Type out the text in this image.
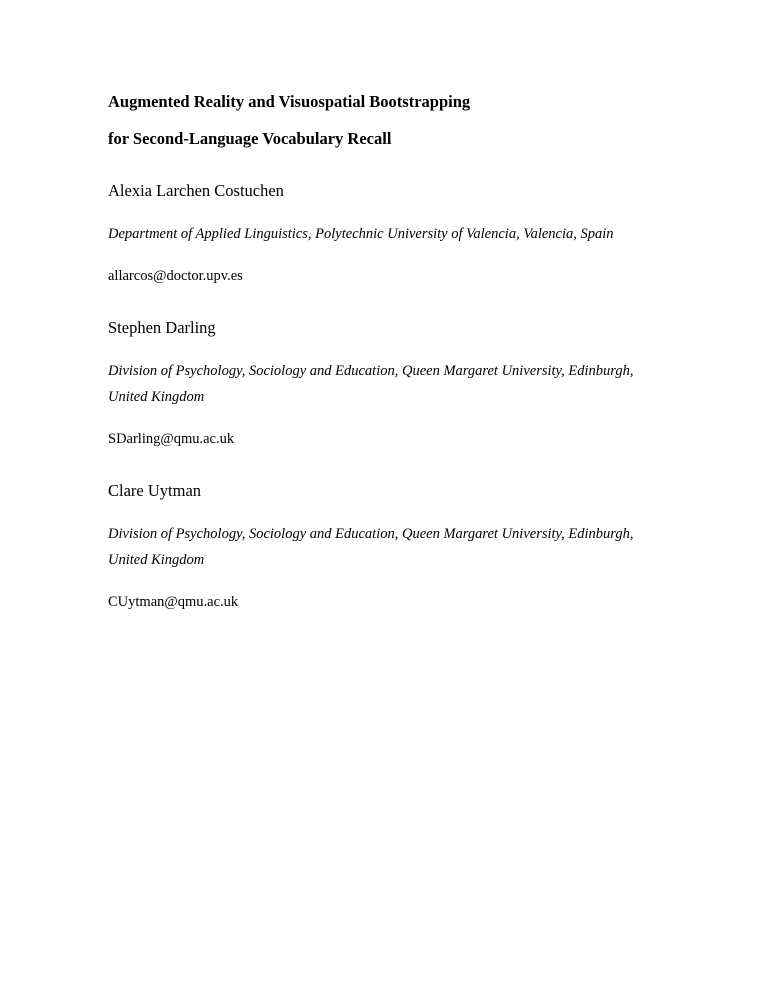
Augmented Reality and Visuospatial Bootstrapping
for Second-Language Vocabulary Recall
Alexia Larchen Costuchen
Department of Applied Linguistics, Polytechnic University of Valencia, Valencia, Spain
allarcos@doctor.upv.es
Stephen Darling
Division of Psychology, Sociology and Education, Queen Margaret University, Edinburgh,
United Kingdom
SDarling@qmu.ac.uk
Clare Uytman
Division of Psychology, Sociology and Education, Queen Margaret University, Edinburgh,
United Kingdom
CUytman@qmu.ac.uk
